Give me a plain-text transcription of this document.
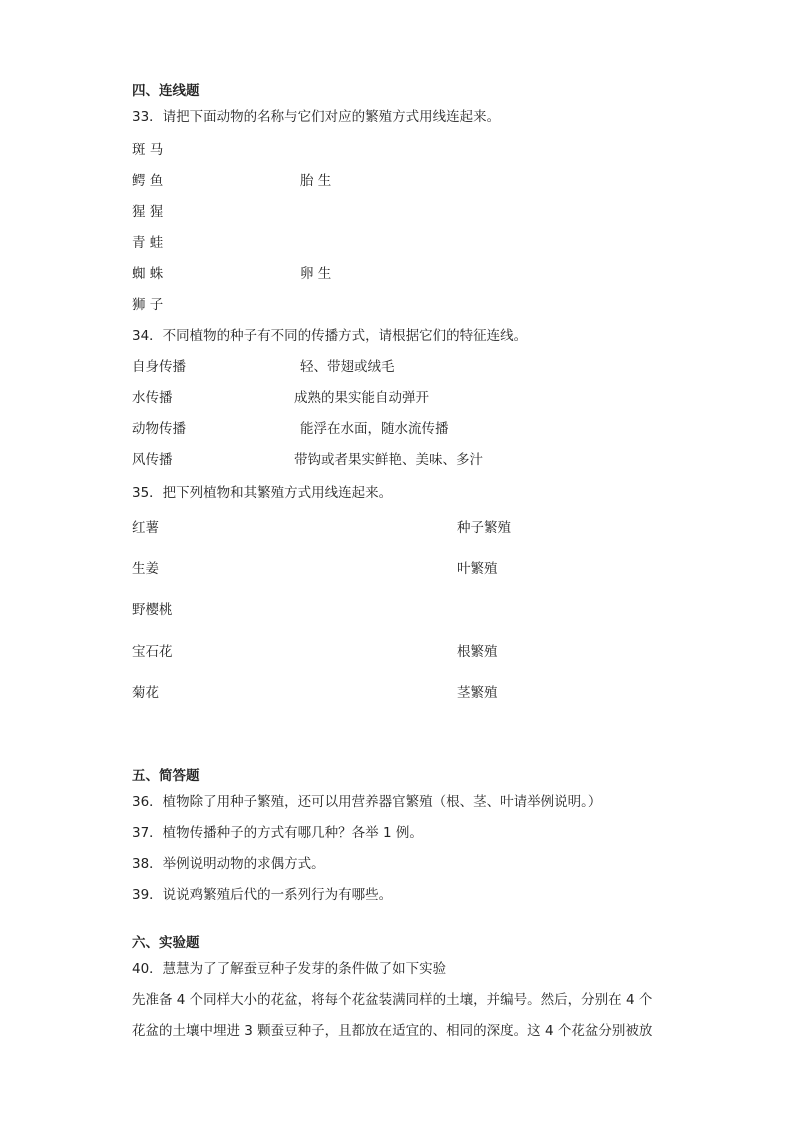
四、连线题
33．请把下面动物的名称与它们对应的繁殖方式用线连起来。
斑 马
鳄 鱼	胎 生
猩 猩
青 蛙
蜘 蛛	卵 生
狮 子
34．不同植物的种子有不同的传播方式，请根据它们的特征连线。
自身传播	轻、带翅或绒毛
水传播	成熟的果实能自动弹开
动物传播	能浮在水面，随水流传播
风传播	带钩或者果实鲜艳、美味、多汁
35．把下列植物和其繁殖方式用线连起来。
红薯	种子繁殖
生姜	叶繁殖
野樱桃
宝石花	根繁殖
菊花	茎繁殖
五、简答题
36．植物除了用种子繁殖，还可以用营养器官繁殖（根、茎、叶请举例说明。）
37．植物传播种子的方式有哪几种？各举 1 例。
38．举例说明动物的求偶方式。
39．说说鸡繁殖后代的一系列行为有哪些。
六、实验题
40．慧慧为了了解蚕豆种子发芽的条件做了如下实验
先准备 4 个同样大小的花盆，将每个花盆装满同样的土壤，并编号。然后，分别在 4 个
花盆的土壤中埋进 3 颗蚕豆种子，且都放在适宜的、相同的深度。这 4 个花盆分别被放
